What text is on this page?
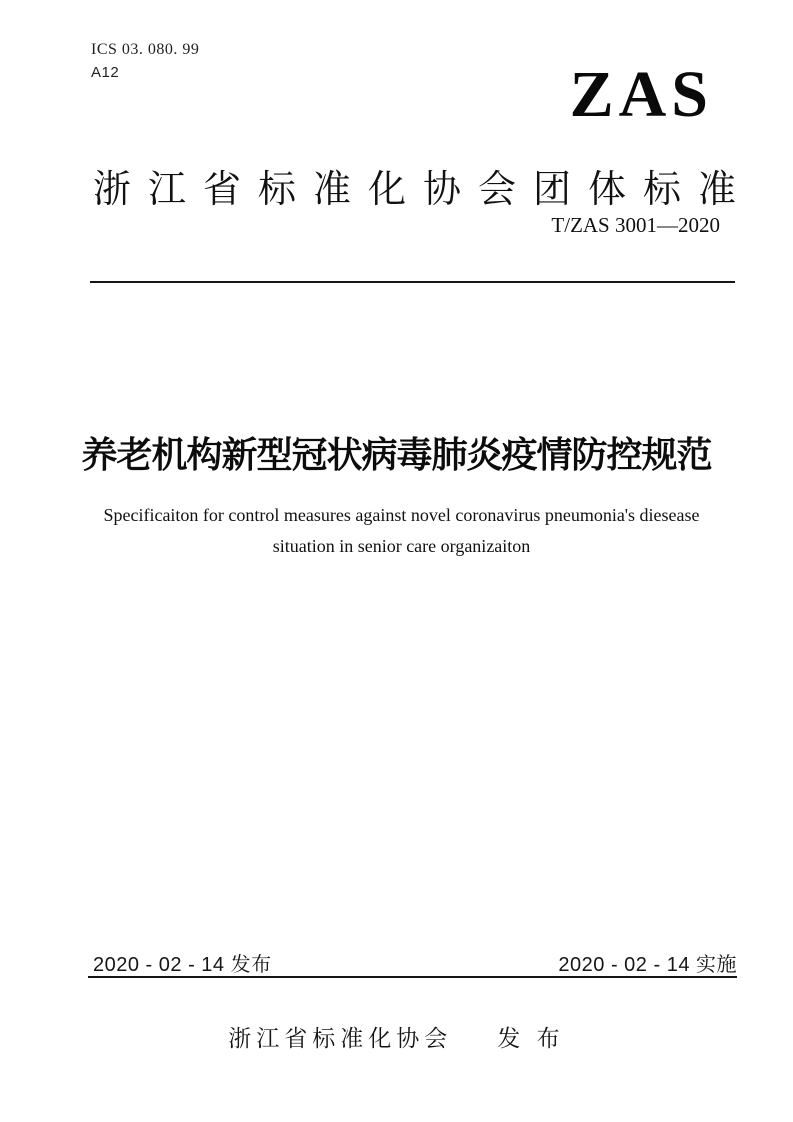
ICS 03. 080. 99
A12	ZAS
浙江省标准化协会团体标准
T/ZAS 3001—2020
养老机构新型冠状病毒肺炎疫情防控规范
Specificaiton for control measures against novel coronavirus pneumonia's diesease
situation in senior care organizaiton
2020 - 02 - 14 发布	2020 - 02 - 14 实施
浙江省标准化协会 发 布
